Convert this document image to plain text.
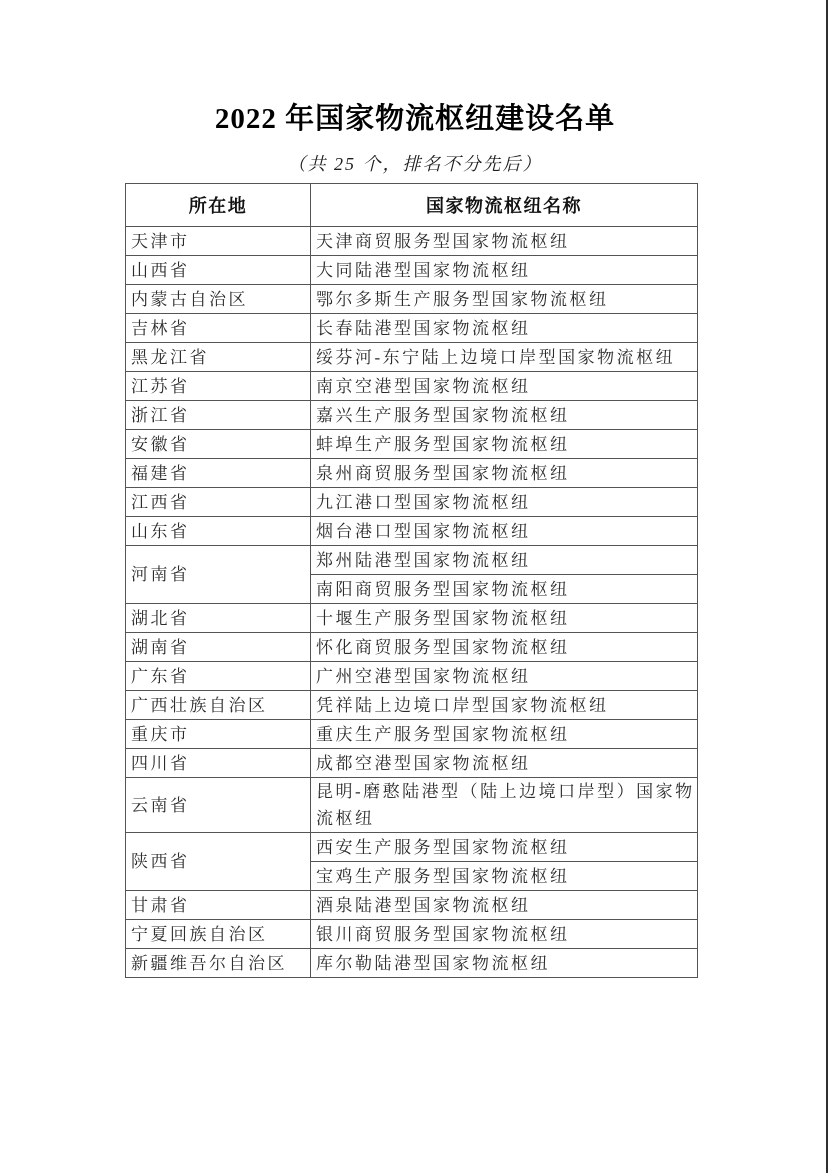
2022 年国家物流枢纽建设名单
（共 25 个，排名不分先后）
所在地	国家物流枢纽名称
天津市	天津商贸服务型国家物流枢纽
山西省	大同陆港型国家物流枢纽
内蒙古自治区	鄂尔多斯生产服务型国家物流枢纽
吉林省	长春陆港型国家物流枢纽
黑龙江省	绥芬河-东宁陆上边境口岸型国家物流枢纽
江苏省	南京空港型国家物流枢纽
浙江省	嘉兴生产服务型国家物流枢纽
安徽省	蚌埠生产服务型国家物流枢纽
福建省	泉州商贸服务型国家物流枢纽
江西省	九江港口型国家物流枢纽
山东省	烟台港口型国家物流枢纽
河南省	郑州陆港型国家物流枢纽
	南阳商贸服务型国家物流枢纽
湖北省	十堰生产服务型国家物流枢纽
湖南省	怀化商贸服务型国家物流枢纽
广东省	广州空港型国家物流枢纽
广西壮族自治区	凭祥陆上边境口岸型国家物流枢纽
重庆市	重庆生产服务型国家物流枢纽
四川省	成都空港型国家物流枢纽
云南省	昆明-磨憨陆港型（陆上边境口岸型）国家物流枢纽
陕西省	西安生产服务型国家物流枢纽
	宝鸡生产服务型国家物流枢纽
甘肃省	酒泉陆港型国家物流枢纽
宁夏回族自治区	银川商贸服务型国家物流枢纽
新疆维吾尔自治区	库尔勒陆港型国家物流枢纽
